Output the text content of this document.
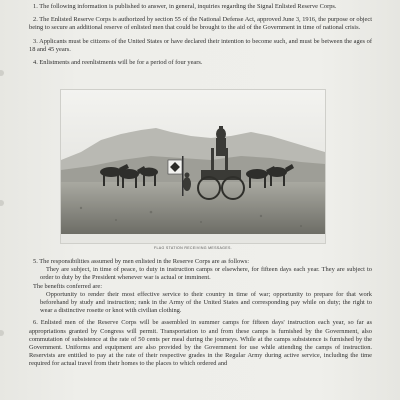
1. The following information is published to answer, in general, inquiries regarding the Signal Enlisted Reserve Corps.

2. The Enlisted Reserve Corps is authorized by section 55 of the National Defense Act, approved June 3, 1916, the purpose or object being to secure an additional reserve of enlisted men that could be brought to the aid of the Government in time of national crisis.

3. Applicants must be citizens of the United States or have declared their intention to become such, and must be between the ages of 18 and 45 years.

4. Enlistments and reenlistments will be for a period of four years.

FLAG STATION RECEIVING MESSAGES.

5. The responsibilities assumed by men enlisted in the Reserve Corps are as follows:

They are subject, in time of peace, to duty in instruction camps or elsewhere, for fifteen days each year. They are subject to order to duty by the President whenever war is actual or imminent.

The benefits conferred are:

Opportunity to render their most effective service to their country in time of war; opportunity to prepare for that work beforehand by study and instruction; rank in the Army of the United States and corresponding pay while on duty; the right to wear a distinctive rosette or knot with civilian clothing.

6. Enlisted men of the Reserve Corps will be assembled in summer camps for fifteen days' instruction each year, so far as appropriations granted by Congress will permit. Transportation to and from these camps is furnished by the Government, also commutation of subsistence at the rate of 50 cents per meal during the journeys. While at the camps subsistence is furnished by the Government. Uniforms and equipment are also provided by the Government for use while attending the camps of instruction. Reservists are entitled to pay at the rate of their respective grades in the Regular Army during active service, including the time required for actual travel from their homes to the places to which ordered and
